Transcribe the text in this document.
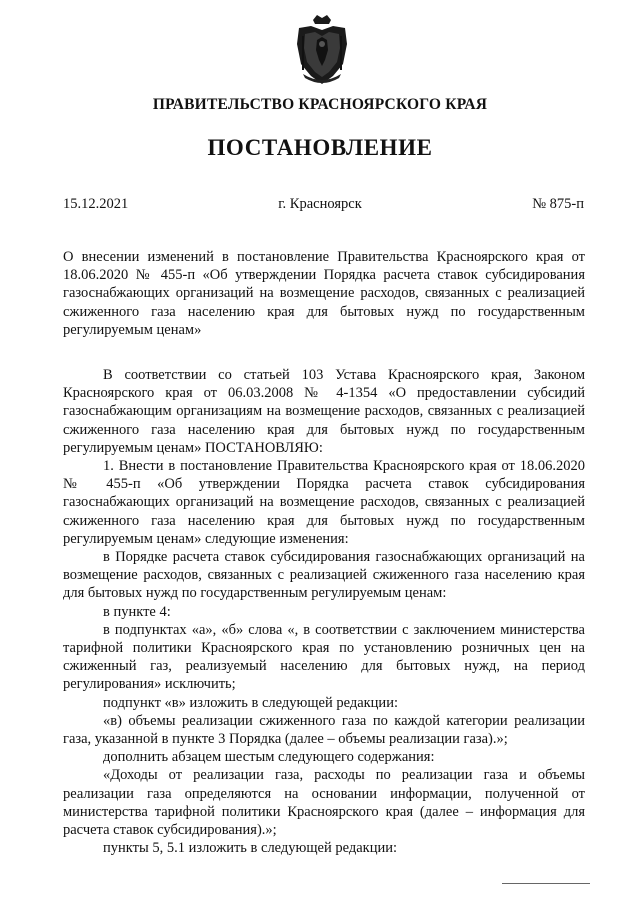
ПРАВИТЕЛЬСТВО КРАСНОЯРСКОГО КРАЯ
ПОСТАНОВЛЕНИЕ
15.12.2021	г. Красноярск	№ 875-п
О внесении изменений в постановление Правительства Красноярского края от 18.06.2020 № 455-п «Об утверждении Порядка расчета ставок субсидирования газоснабжающих организаций на возмещение расходов, связанных с реализацией сжиженного газа населению края для бытовых нужд по государственным регулируемым ценам»

В соответствии со статьей 103 Устава Красноярского края, Законом Красноярского края от 06.03.2008 № 4-1354 «О предоставлении субсидий газоснабжающим организациям на возмещение расходов, связанных с реализацией сжиженного газа населению края для бытовых нужд по государственным регулируемым ценам» ПОСТАНОВЛЯЮ:

1. Внести в постановление Правительства Красноярского края от 18.06.2020 № 455-п «Об утверждении Порядка расчета ставок субсидирования газоснабжающих организаций на возмещение расходов, связанных с реализацией сжиженного газа населению края для бытовых нужд по государственным регулируемым ценам» следующие изменения:

в Порядке расчета ставок субсидирования газоснабжающих организаций на возмещение расходов, связанных с реализацией сжиженного газа населению края для бытовых нужд по государственным регулируемым ценам:

в пункте 4:

в подпунктах «а», «б» слова «, в соответствии с заключением министерства тарифной политики Красноярского края по установлению розничных цен на сжиженный газ, реализуемый населению для бытовых нужд, на период регулирования» исключить;

подпункт «в» изложить в следующей редакции:

«в) объемы реализации сжиженного газа по каждой категории реализации газа, указанной в пункте 3 Порядка (далее – объемы реализации газа).»;

дополнить абзацем шестым следующего содержания:

«Доходы от реализации газа, расходы по реализации газа и объемы реализации газа определяются на основании информации, полученной от министерства тарифной политики Красноярского края (далее – информация для расчета ставок субсидирования).»;

пункты 5, 5.1 изложить в следующей редакции:
